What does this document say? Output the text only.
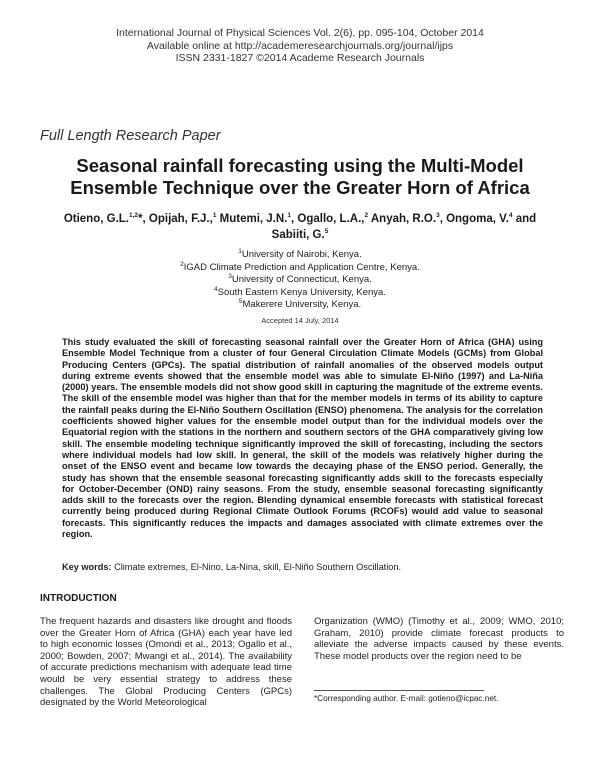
International Journal of Physical Sciences Vol. 2(6), pp. 095-104, October 2014
Available online at http://academeresearchjournals.org/journal/ijps
ISSN 2331-1827 ©2014 Academe Research Journals
Full Length Research Paper
Seasonal rainfall forecasting using the Multi-Model Ensemble Technique over the Greater Horn of Africa
Otieno, G.L.$^{1,2}$*, Opijah, F.J.,$^1$ Mutemi, J.N.$^1$, Ogallo, L.A.,$^2$ Anyah, R.O.$^3$, Ongoma, V.$^4$ and
Sabiiti, G.$^5$
$^1$University of Nairobi, Kenya.
$^2$IGAD Climate Prediction and Application Centre, Kenya.
$^3$University of Connecticut, Kenya.
$^4$South Eastern Kenya University, Kenya.
$^5$Makerere University, Kenya.
Accepted 14 July, 2014
This study evaluated the skill of forecasting seasonal rainfall over the Greater Horn of Africa (GHA) using Ensemble Model Technique from a cluster of four General Circulation Climate Models (GCMs) from Global Producing Centers (GPCs). The spatial distribution of rainfall anomalies of the observed models output during extreme events showed that the ensemble model was able to simulate El-Niño (1997) and La-Niña (2000) years. The ensemble models did not show good skill in capturing the magnitude of the extreme events. The skill of the ensemble model was higher than that for the member models in terms of its ability to capture the rainfall peaks during the El-Niño Southern Oscillation (ENSO) phenomena. The analysis for the correlation coefficients showed higher values for the ensemble model output than for the individual models over the Equatorial region with the stations in the northern and southern sectors of the GHA comparatively giving low skill. The ensemble modeling technique significantly improved the skill of forecasting, including the sectors where individual models had low skill. In general, the skill of the models was relatively higher during the onset of the ENSO event and became low towards the decaying phase of the ENSO period. Generally, the study has shown that the ensemble seasonal forecasting significantly adds skill to the forecasts especially for October-December (OND) rainy seasons. From the study, ensemble seasonal forecasting significantly adds skill to the forecasts over the region. Blending dynamical ensemble forecasts with statistical forecast currently being produced during Regional Climate Outlook Forums (RCOFs) would add value to seasonal forecasts. This significantly reduces the impacts and damages associated with climate extremes over the region.
Key words: Climate extremes, El-Nino, La-Nina, skill, El-Niño Southern Oscillation.
INTRODUCTION
The frequent hazards and disasters like drought and floods over the Greater Horn of Africa (GHA) each year have led to high economic losses (Omondi et al., 2013; Ogallo et al., 2000; Bowden, 2007; Mwangi et al., 2014). The availability of accurate predictions mechanism with adequate lead time would be very essential strategy to address these challenges. The Global Producing Centers (GPCs) designated by the World Meteorological
Organization (WMO) (Timothy et al., 2009; WMO, 2010; Graham, 2010) provide climate forecast products to alleviate the adverse impacts caused by these events. These model products over the region need to be
*Corresponding author. E-mail: gotieno@icpac.net.
